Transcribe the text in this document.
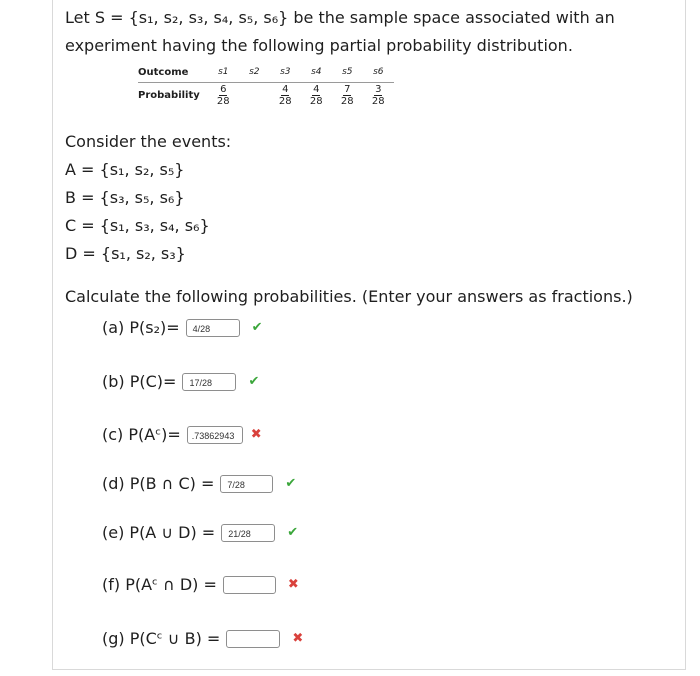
Let S = {s₁, s₂, s₃, s₄, s₅, s₆} be the sample space associated with an

experiment having the following partial probability distribution.

Outcome	s1	s2	s3	s4	s5	s6
Probability	$\frac{6}{28}$		$\frac{4}{28}$	$\frac{4}{28}$	$\frac{7}{28}$	$\frac{3}{28}$
Consider the events:
A = {s₁, s₂, s₅}
B = {s₃, s₅, s₆}
C = {s₁, s₃, s₄, s₆}
D = {s₁, s₂, s₃}
Calculate the following probabilities. (Enter your answers as fractions.)
(a) P(s₂)=	4/28	✔
(b) P(C)=	17/28	✔
(c) P(Aᶜ)=	.73862943	✖
(d) P(B ∩ C) =	7/28	✔
(e) P(A ∪ D) =	21/28	✔
(f) P(Aᶜ ∩ D) =	✖
(g) P(Cᶜ ∪ B) =	✖
